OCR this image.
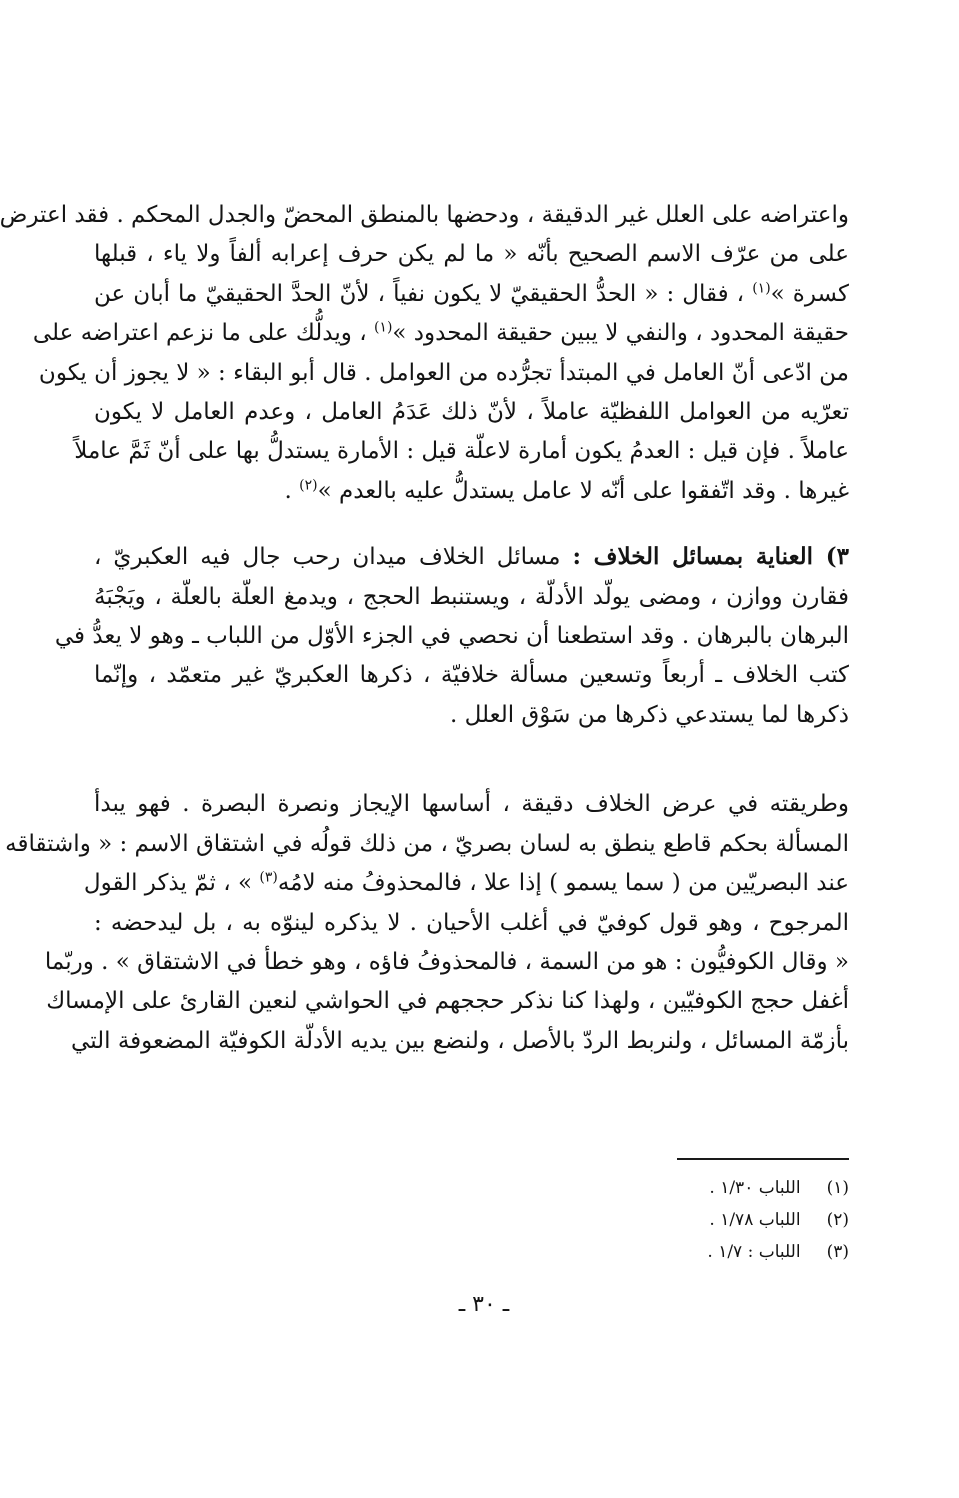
واعتراضه على العلل غير الدقيقة ، ودحضها بالمنطق المحضّ والجدل المحكم . فقد اعترض
على من عرّف الاسم الصحيح بأنّه « ما لم يكن حرف إعرابه ألفاً ولا ياء ، قبلها
كسرة »$^{(١)}$ ، فقال : « الحدُّ الحقيقيّ لا يكون نفياً ، لأنّ الحدَّ الحقيقيّ ما أبان عن
حقيقة المحدود ، والنفي لا يبين حقيقة المحدود »$^{(١)}$ ، ويدلُّك على ما نزعم اعتراضه على
من ادّعى أنّ العامل في المبتدأ تجرُّده من العوامل . قال أبو البقاء : « لا يجوز أن يكون
تعرّيه من العوامل اللفظيّة عاملاً ، لأنّ ذلك عَدَمُ العامل ، وعدم العامل لا يكون
عاملاً . فإن قيل : العدمُ يكون أمارة لاعلّة قيل : الأمارة يستدلُّ بها على أنّ ثَمَّ عاملاً
غيرها . وقد اتّفقوا على أنّه لا عامل يستدلُّ عليه بالعدم »$^{(٢)}$ .

٣) العناية بمسائل الخلاف : مسائل الخلاف ميدان رحب جال فيه العكبريّ ،
فقارن ووازن ، ومضى يولّد الأدلّة ، ويستنبط الحجج ، ويدمغ العلّة بالعلّة ، ويَجْبَهُ
البرهان بالبرهان . وقد استطعنا أن نحصي في الجزء الأوّل من اللباب ـ وهو لا يعدُّ في
كتب الخلاف ـ أربعاً وتسعين مسألة خلافيّة ، ذكرها العكبريّ غير متعمّد ، وإنّما
ذكرها لما يستدعي ذكرها من سَوْق العلل .

وطريقته في عرض الخلاف دقيقة ، أساسها الإيجاز ونصرة البصرة . فهو يبدأ
المسألة بحكم قاطع ينطق به لسان بصريّ ، من ذلك قولُه في اشتقاق الاسم : « واشتقاقه
عند البصريّين من ( سما يسمو ) إذا علا ، فالمحذوفُ منه لامُه$^{(٣)}$ » ، ثمّ يذكر القول
المرجوح ، وهو قول كوفيّ في أغلب الأحيان . لا يذكره لينوّه به ، بل ليدحضه :
« وقال الكوفيُّون : هو من السمة ، فالمحذوفُ فاؤه ، وهو خطأ في الاشتقاق » . وربّما
أغفل حجج الكوفيّين ، ولهذا كنا نذكر حججهم في الحواشي لنعين القارئ على الإمساك
بأزمّة المسائل ، ولنربط الردّ بالأصل ، ولنضع بين يديه الأدلّة الكوفيّة المضعوفة التي

(١)
اللباب ١/٣٠ .
(٢)
اللباب ١/٧٨ .
(٣)
اللباب : ١/٧ .
ـ ٣٠ ـ
